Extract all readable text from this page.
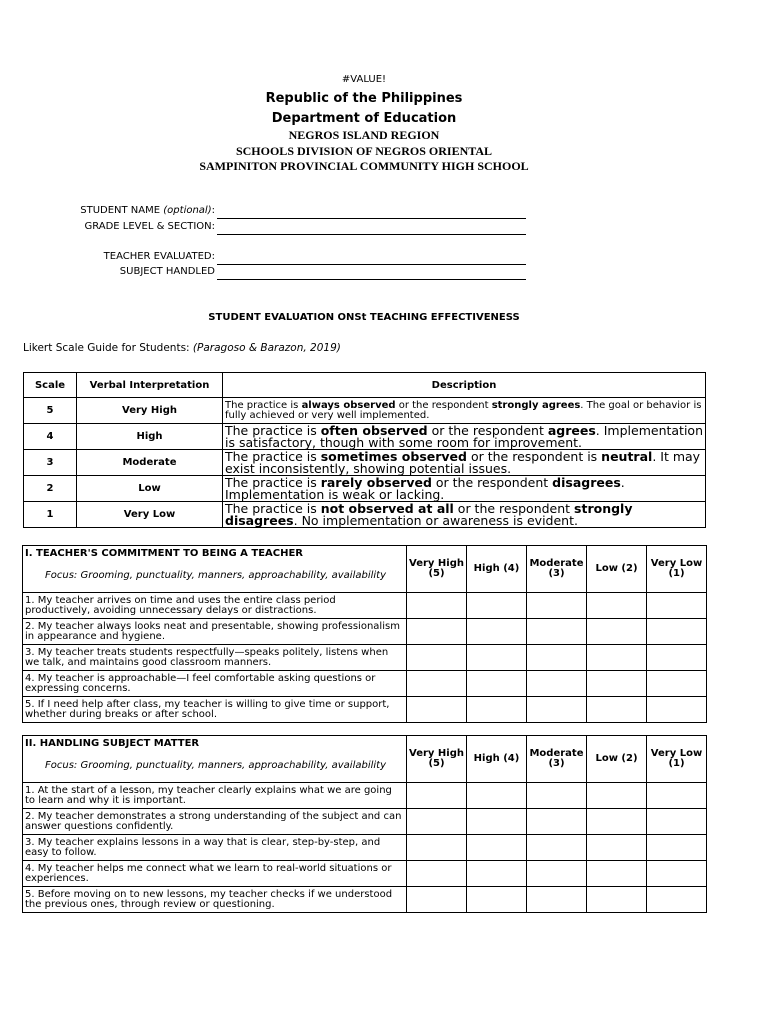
#VALUE!
Republic of the Philippines
Department of Education
NEGROS ISLAND REGION
SCHOOLS DIVISION OF NEGROS ORIENTAL
SAMPINITON PROVINCIAL COMMUNITY HIGH SCHOOL
STUDENT NAME (optional):
GRADE LEVEL & SECTION:
TEACHER EVALUATED:
SUBJECT HANDLED
STUDENT EVALUATION ONSt TEACHING EFFECTIVENESS
Likert Scale Guide for Students: (Paragoso & Barazon, 2019)
Scale	Verbal Interpretation	Description
5	Very High	The practice is always observed or the respondent strongly agrees. The goal or behavior is fully achieved or very well implemented.
4	High	The practice is often observed or the respondent agrees. Implementation is satisfactory, though with some room for improvement.
3	Moderate	The practice is sometimes observed or the respondent is neutral. It may exist inconsistently, showing potential issues.
2	Low	The practice is rarely observed or the respondent disagrees. Implementation is weak or lacking.
1	Very Low	The practice is not observed at all or the respondent strongly disagrees. No implementation or awareness is evident.
I. TEACHER'S COMMITMENT TO BEING A TEACHER
Focus: Grooming, punctuality, manners, approachability, availability	Very High (5)	High (4)	Moderate (3)	Low (2)	Very Low (1)
1. My teacher arrives on time and uses the entire class period productively, avoiding unnecessary delays or distractions.					
2. My teacher always looks neat and presentable, showing professionalism in appearance and hygiene.					
3. My teacher treats students respectfully—speaks politely, listens when we talk, and maintains good classroom manners.					
4. My teacher is approachable—I feel comfortable asking questions or expressing concerns.					
5. If I need help after class, my teacher is willing to give time or support, whether during breaks or after school.					
II. HANDLING SUBJECT MATTER
Focus: Grooming, punctuality, manners, approachability, availability	Very High (5)	High (4)	Moderate (3)	Low (2)	Very Low (1)
1. At the start of a lesson, my teacher clearly explains what we are going to learn and why it is important.					
2. My teacher demonstrates a strong understanding of the subject and can answer questions confidently.					
3. My teacher explains lessons in a way that is clear, step-by-step, and easy to follow.					
4. My teacher helps me connect what we learn to real-world situations or experiences.					
5. Before moving on to new lessons, my teacher checks if we understood the previous ones, through review or questioning.					
